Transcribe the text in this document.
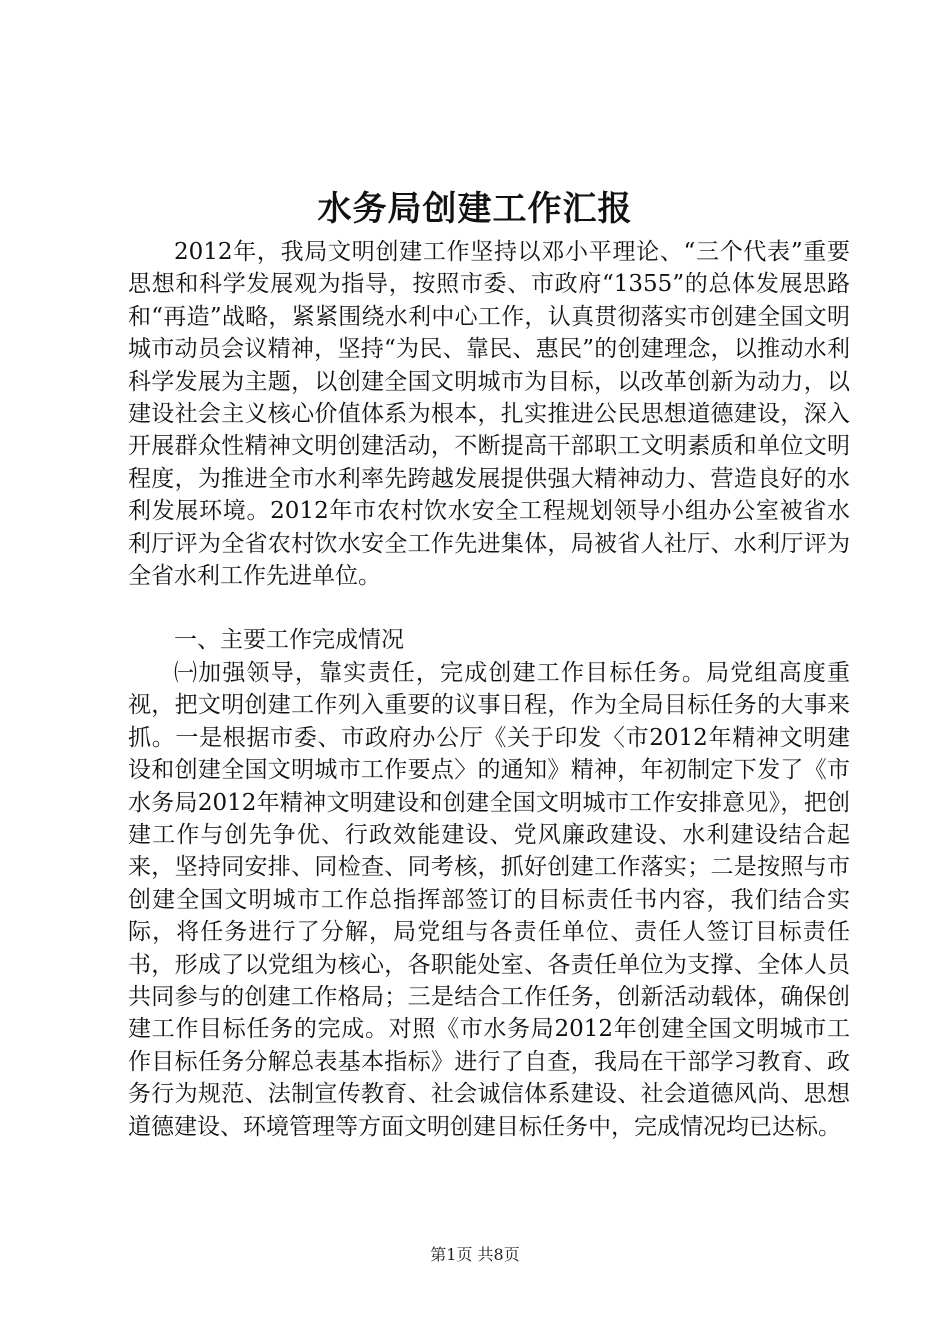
水务局创建工作汇报

2012年，我局文明创建工作坚持以邓小平理论、“三个代表”重要思想和科学发展观为指导，按照市委、市政府“1355”的总体发展思路和“再造”战略，紧紧围绕水利中心工作，认真贯彻落实市创建全国文明城市动员会议精神，坚持“为民、靠民、惠民”的创建理念，以推动水利科学发展为主题，以创建全国文明城市为目标，以改革创新为动力，以建设社会主义核心价值体系为根本，扎实推进公民思想道德建设，深入开展群众性精神文明创建活动，不断提高干部职工文明素质和单位文明程度，为推进全市水利率先跨越发展提供强大精神动力、营造良好的水利发展环境。2012年市农村饮水安全工程规划领导小组办公室被省水利厅评为全省农村饮水安全工作先进集体，局被省人社厅、水利厅评为全省水利工作先进单位。

一、主要工作完成情况

㈠加强领导，靠实责任，完成创建工作目标任务。局党组高度重视，把文明创建工作列入重要的议事日程，作为全局目标任务的大事来抓。一是根据市委、市政府办公厅《关于印发〈市2012年精神文明建设和创建全国文明城市工作要点〉的通知》精神，年初制定下发了《市水务局2012年精神文明建设和创建全国文明城市工作安排意见》，把创建工作与创先争优、行政效能建设、党风廉政建设、水利建设结合起来，坚持同安排、同检查、同考核，抓好创建工作落实；二是按照与市创建全国文明城市工作总指挥部签订的目标责任书内容，我们结合实际，将任务进行了分解，局党组与各责任单位、责任人签订目标责任书，形成了以党组为核心，各职能处室、各责任单位为支撑、全体人员共同参与的创建工作格局；三是结合工作任务，创新活动载体，确保创建工作目标任务的完成。对照《市水务局2012年创建全国文明城市工作目标任务分解总表基本指标》进行了自查，我局在干部学习教育、政务行为规范、法制宣传教育、社会诚信体系建设、社会道德风尚、思想道德建设、环境管理等方面文明创建目标任务中，完成情况均已达标。

第1页 共8页
